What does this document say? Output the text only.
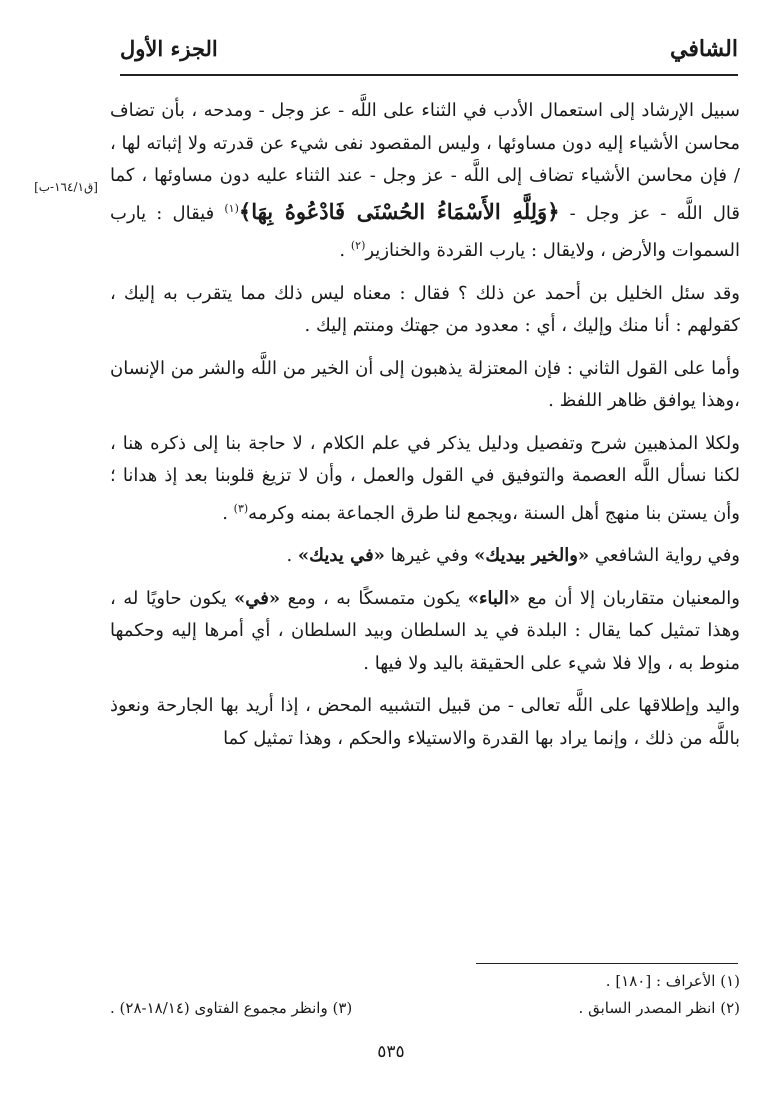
الشافي
الجزء الأول
[ق١٦٤/١-ب]

سبيل الإرشاد إلى استعمال الأدب في الثناء على اللَّه - عز وجل - ومدحه ، بأن تضاف محاسن الأشياء إليه دون مساوئها ، وليس المقصود نفى شيء عن قدرته ولا إثباته لها ، / فإن محاسن الأشياء تضاف إلى اللَّه - عز وجل - عند الثناء عليه دون مساوئها ، كما قال اللَّه - عز وجل - ﴿وَلِلَّهِ الأَسْمَاءُ الحُسْنَى فَادْعُوهُ بِهَا﴾$^{(١)}$ فيقال : يارب السموات والأرض ، ولايقال : يارب القردة والخنازير$^{(٢)}$ .

وقد سئل الخليل بن أحمد عن ذلك ؟ فقال : معناه ليس ذلك مما يتقرب به إليك ، كقولهم : أنا منك وإليك ، أي : معدود من جهتك ومنتم إليك .

وأما على القول الثاني : فإن المعتزلة يذهبون إلى أن الخير من اللَّه والشر من الإنسان ،وهذا يوافق ظاهر اللفظ .

ولكلا المذهبين شرح وتفصيل ودليل يذكر في علم الكلام ، لا حاجة بنا إلى ذكره هنا ، لكنا نسأل اللَّه العصمة والتوفيق في القول والعمل ، وأن لا تزيغ قلوبنا بعد إذ هدانا ؛ وأن يستن بنا منهج أهل السنة ،ويجمع لنا طرق الجماعة بمنه وكرمه$^{(٣)}$ .

وفي رواية الشافعي «والخير بيديك» وفي غيرها «في يديك» .

والمعنيان متقاربان إلا أن مع «الباء» يكون متمسكًا به ، ومع «في» يكون حاويًا له ، وهذا تمثيل كما يقال : البلدة في يد السلطان وبيد السلطان ، أي أمرها إليه وحكمها منوط به ، وإلا فلا شيء على الحقيقة باليد ولا فيها .

واليد وإطلاقها على اللَّه تعالى - من قبيل التشبيه المحض ، إذا أريد بها الجارحة ونعوذ باللَّه من ذلك ، وإنما يراد بها القدرة والاستيلاء والحكم ، وهذا تمثيل كما

(١) الأعراف : [١٨٠] .
(٢) انظر المصدر السابق .
(٣) وانظر مجموع الفتاوى (١٨/١٤-٢٨) .
٥٣٥
